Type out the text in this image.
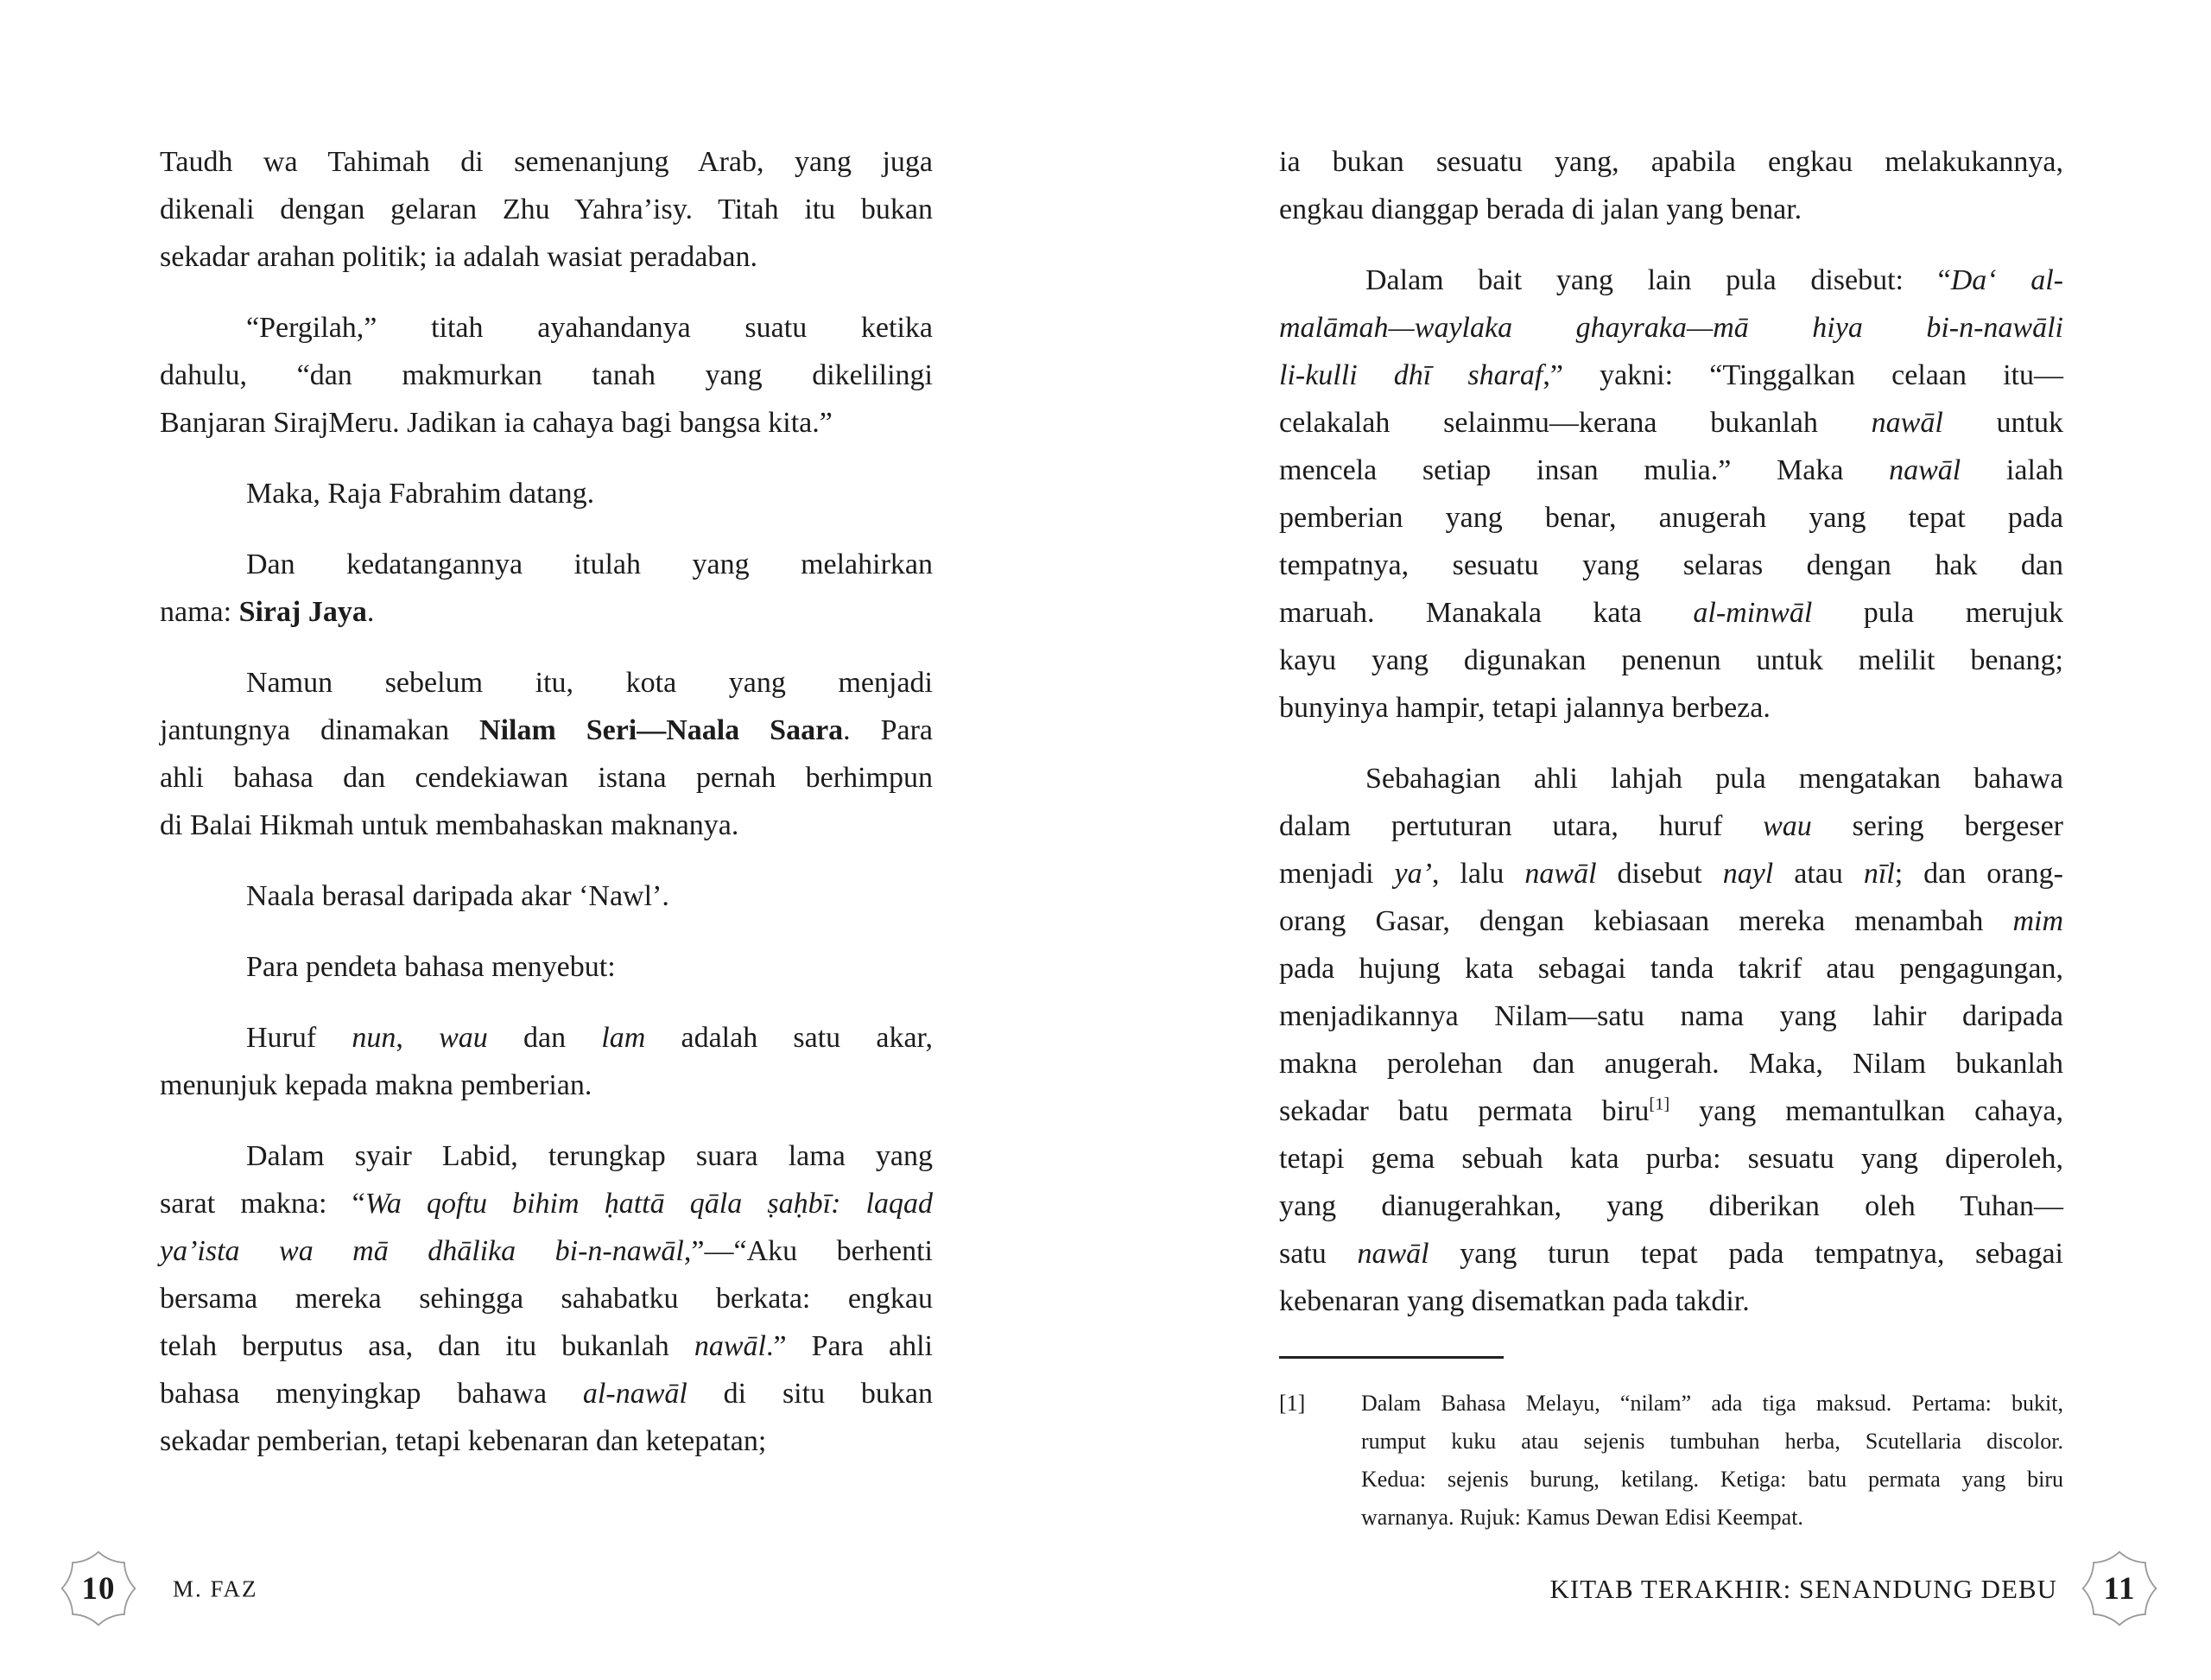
Taudh wa Tahimah di semenanjung Arab, yang juga
dikenali dengan gelaran Zhu Yahra’isy. Titah itu bukan
sekadar arahan politik; ia adalah wasiat peradaban.
“Pergilah,” titah ayahandanya suatu ketika
dahulu, “dan makmurkan tanah yang dikelilingi
Banjaran SirajMeru. Jadikan ia cahaya bagi bangsa kita.”
Maka, Raja Fabrahim datang.
Dan kedatangannya itulah yang melahirkan
nama: Siraj Jaya.
Namun sebelum itu, kota yang menjadi
jantungnya dinamakan Nilam Seri—Naala Saara. Para
ahli bahasa dan cendekiawan istana pernah berhimpun
di Balai Hikmah untuk membahaskan maknanya.
Naala berasal daripada akar ‘Nawl’.
Para pendeta bahasa menyebut:
Huruf nun, wau dan lam adalah satu akar,
menunjuk kepada makna pemberian.
Dalam syair Labid, terungkap suara lama yang
sarat makna: “Wa qoftu bihim ḥattā qāla ṣaḥbī: laqad
ya’ista wa mā dhālika bi-n-nawāl,”—“Aku berhenti
bersama mereka sehingga sahabatku berkata: engkau
telah berputus asa, dan itu bukanlah nawāl.” Para ahli
bahasa menyingkap bahawa al-nawāl di situ bukan
sekadar pemberian, tetapi kebenaran dan ketepatan;
ia bukan sesuatu yang, apabila engkau melakukannya,
engkau dianggap berada di jalan yang benar.
Dalam bait yang lain pula disebut: “Da‘ al-
malāmah—waylaka ghayraka—mā hiya bi-n-nawāli
li-kulli dhī sharaf,” yakni: “Tinggalkan celaan itu—
celakalah selainmu—kerana bukanlah nawāl untuk
mencela setiap insan mulia.” Maka nawāl ialah
pemberian yang benar, anugerah yang tepat pada
tempatnya, sesuatu yang selaras dengan hak dan
maruah. Manakala kata al-minwāl pula merujuk
kayu yang digunakan penenun untuk melilit benang;
bunyinya hampir, tetapi jalannya berbeza.
Sebahagian ahli lahjah pula mengatakan bahawa
dalam pertuturan utara, huruf wau sering bergeser
menjadi ya’, lalu nawāl disebut nayl atau nīl; dan orang-
orang Gasar, dengan kebiasaan mereka menambah mim
pada hujung kata sebagai tanda takrif atau pengagungan,
menjadikannya Nilam—satu nama yang lahir daripada
makna perolehan dan anugerah. Maka, Nilam bukanlah
sekadar batu permata biru[1] yang memantulkan cahaya,
tetapi gema sebuah kata purba: sesuatu yang diperoleh,
yang dianugerahkan, yang diberikan oleh Tuhan—
satu nawāl yang turun tepat pada tempatnya, sebagai
kebenaran yang disematkan pada takdir.
[1] Dalam Bahasa Melayu, “nilam” ada tiga maksud. Pertama: bukit,
rumput kuku atau sejenis tumbuhan herba, Scutellaria discolor.
Kedua: sejenis burung, ketilang. Ketiga: batu permata yang biru
warnanya. Rujuk: Kamus Dewan Edisi Keempat.
10 M. FAZ	KITAB TERAKHIR: SENANDUNG DEBU 11
